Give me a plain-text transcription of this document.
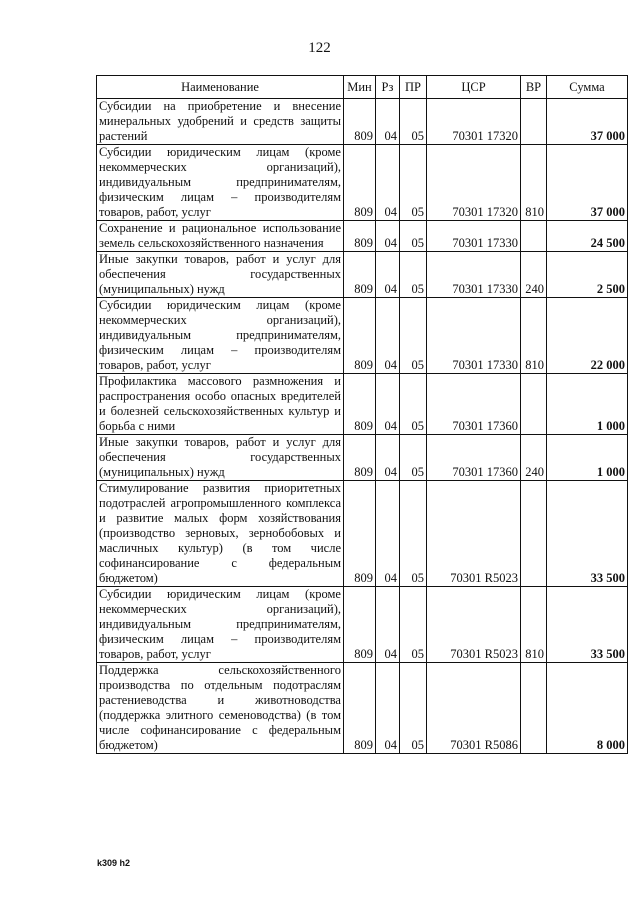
122
Наименование	Мин	Рз	ПР	ЦСР	ВР	Сумма
Субсидии на приобретение и внесение минеральных удобрений и средств защиты растений	809	04	05	70301 17320		37 000
Субсидии юридическим лицам (кроме некоммерческих организаций), индивидуальным предпринимателям, физическим лицам – производителям товаров, работ, услуг	809	04	05	70301 17320	810	37 000
Сохранение и рациональное использование земель сельскохозяйственного назначения	809	04	05	70301 17330		24 500
Иные закупки товаров, работ и услуг для обеспечения государственных (муниципальных) нужд	809	04	05	70301 17330	240	2 500
Субсидии юридическим лицам (кроме некоммерческих организаций), индивидуальным предпринимателям, физическим лицам – производителям товаров, работ, услуг	809	04	05	70301 17330	810	22 000
Профилактика массового размножения и распространения особо опасных вредителей и болезней сельскохозяйственных культур и борьба с ними	809	04	05	70301 17360		1 000
Иные закупки товаров, работ и услуг для обеспечения государственных (муниципальных) нужд	809	04	05	70301 17360	240	1 000
Стимулирование развития приоритетных подотраслей агропромышленного комплекса и развитие малых форм хозяйствования (производство зерновых, зернобобовых и масличных культур) (в том числе софинансирование с федеральным бюджетом)	809	04	05	70301 R5023		33 500
Субсидии юридическим лицам (кроме некоммерческих организаций), индивидуальным предпринимателям, физическим лицам – производителям товаров, работ, услуг	809	04	05	70301 R5023	810	33 500
Поддержка сельскохозяйственного производства по отдельным подотраслям растениеводства и животноводства (поддержка элитного семеноводства) (в том числе софинансирование с федеральным бюджетом)	809	04	05	70301 R5086		8 000
k309 h2
